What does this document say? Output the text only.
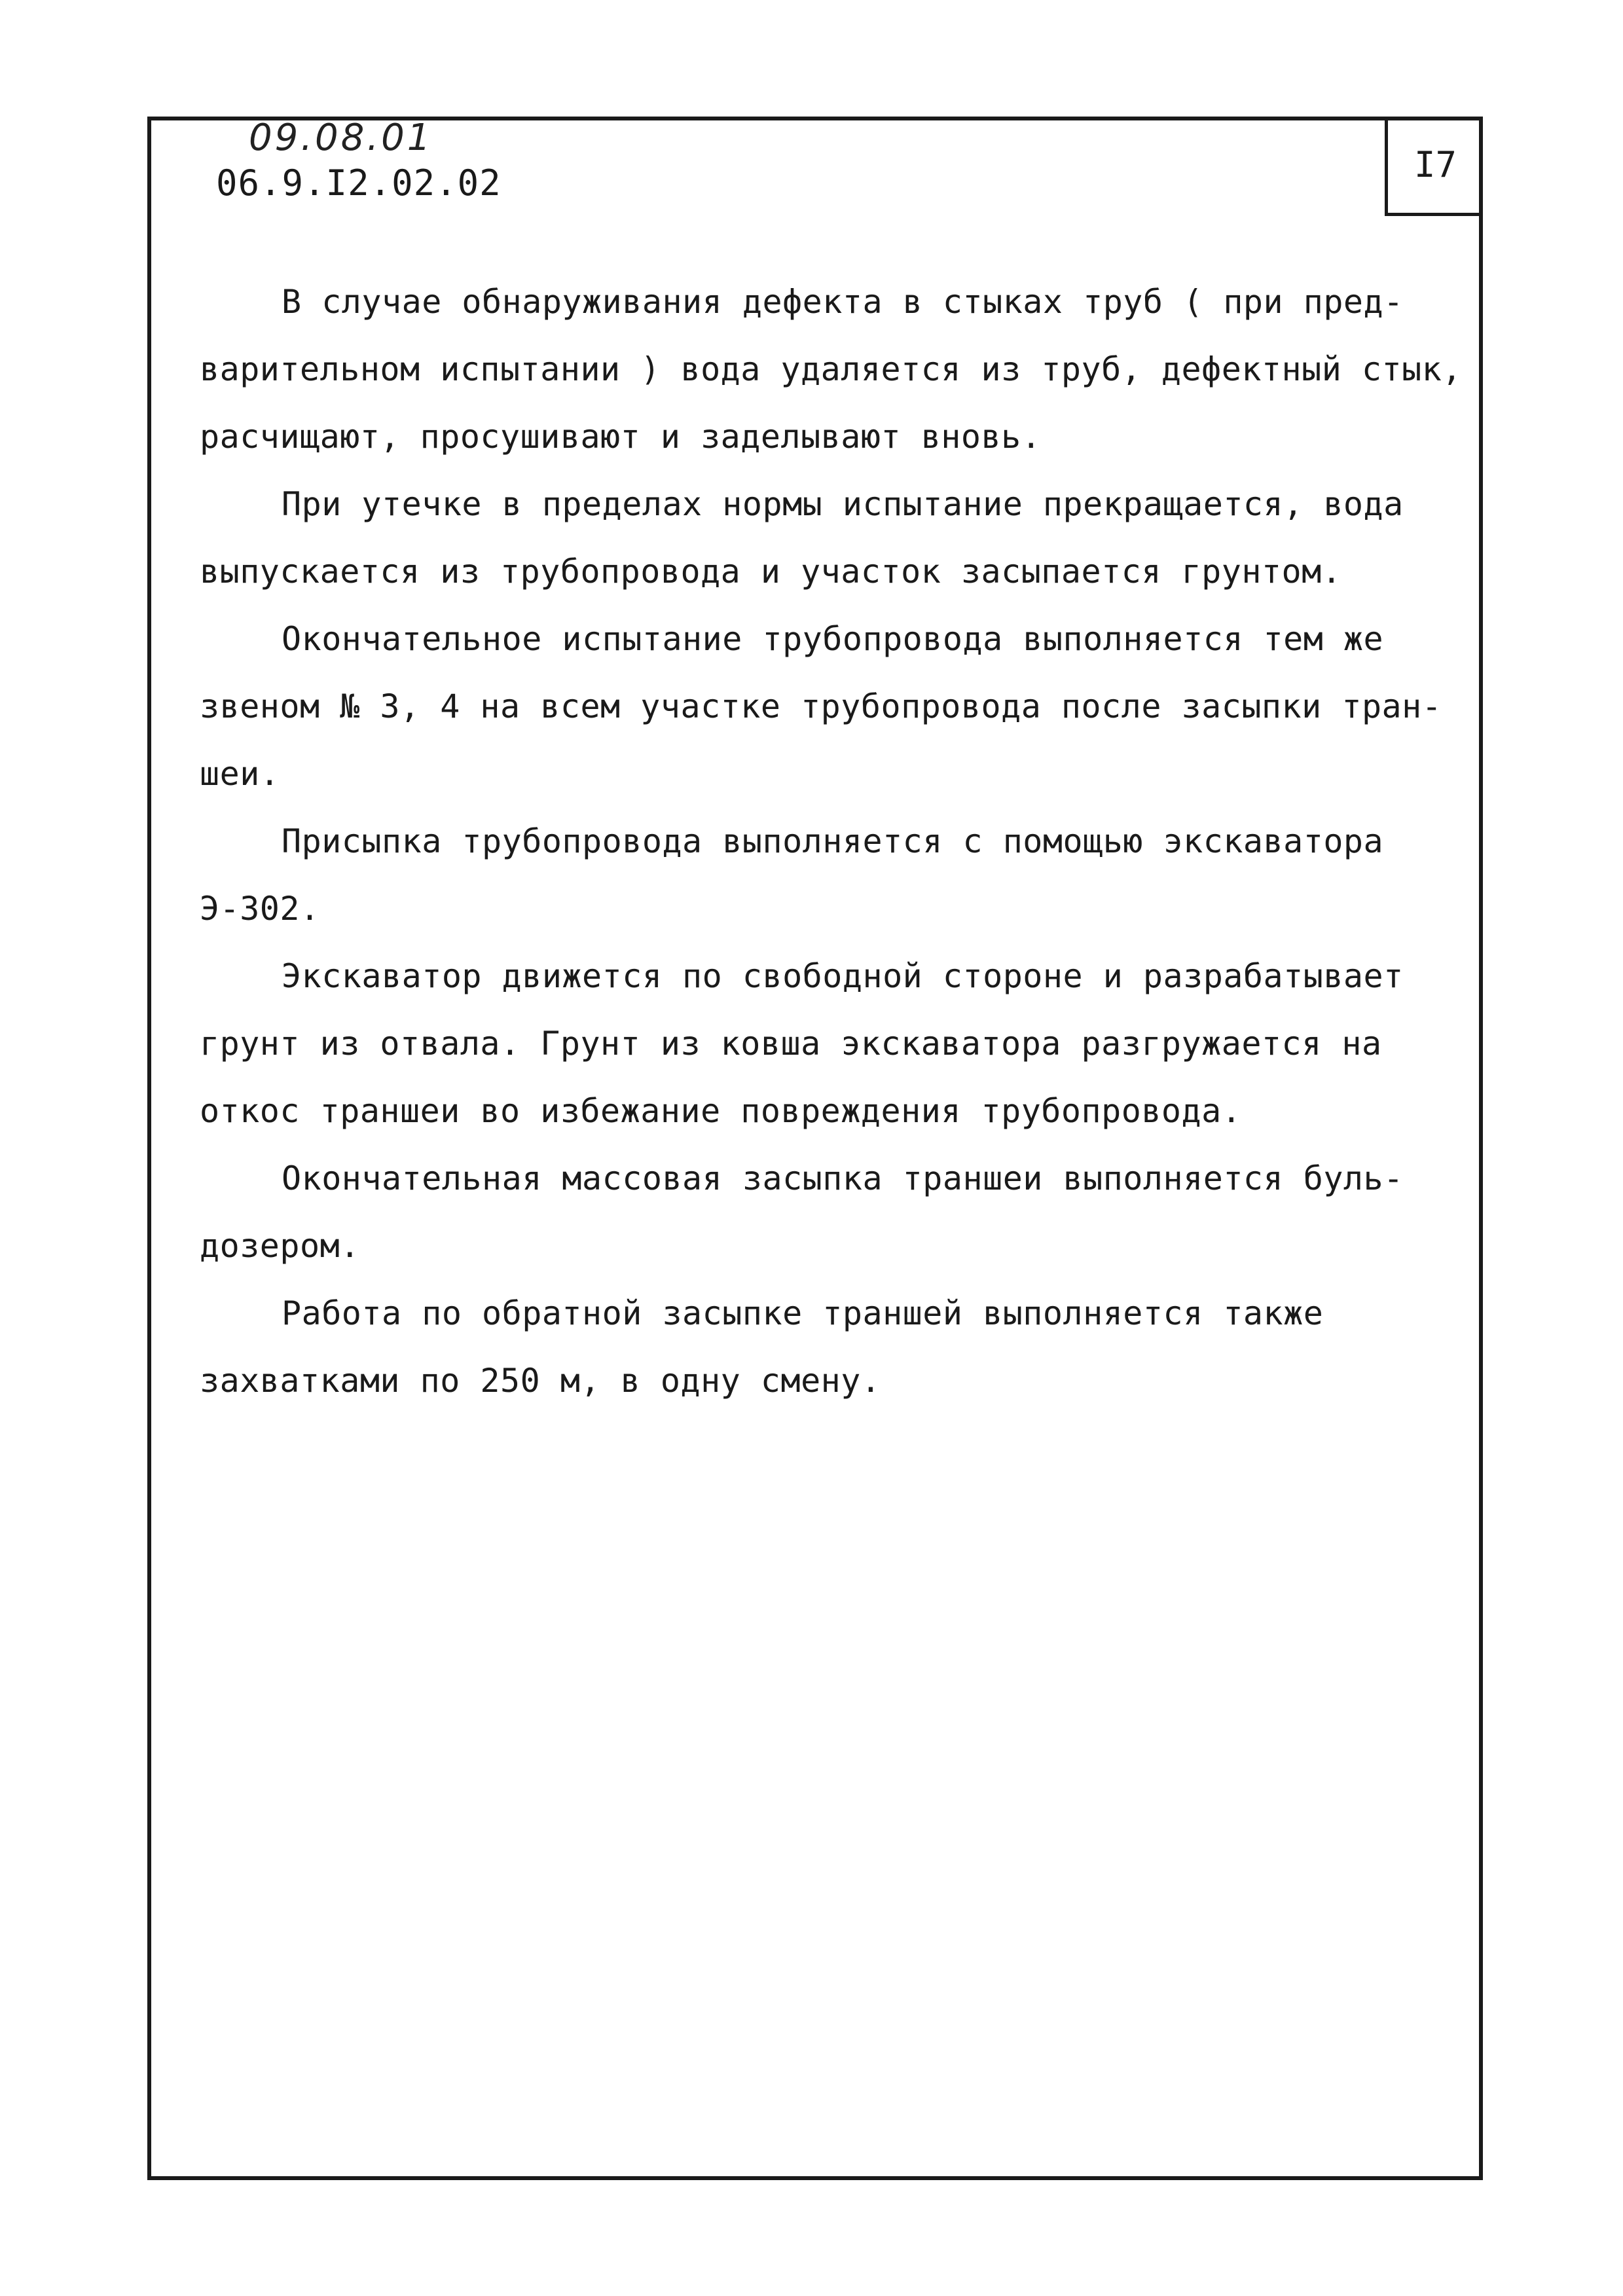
09.08.01
06.9.I2.02.02	I7
В случае обнаруживания дефекта в стыках труб ( при пред-
варительном испытании ) вода удаляется из труб, дефектный стык,
расчищают, просушивают и заделывают вновь.
При утечке в пределах нормы испытание прекращается, вода
выпускается из трубопровода и участок засыпается грунтом.
Окончательное испытание трубопровода выполняется тем же
звеном № 3, 4 на всем участке трубопровода после засыпки тран-
шеи.
Присыпка трубопровода выполняется с помощью экскаватора
Э-302.
Экскаватор движется по свободной стороне и разрабатывает
грунт из отвала. Грунт из ковша экскаватора разгружается на
откос траншеи во избежание повреждения трубопровода.
Окончательная массовая засыпка траншеи выполняется буль-
дозером.
Работа по обратной засыпке траншей выполняется также
захватками по 250 м, в одну смену.
